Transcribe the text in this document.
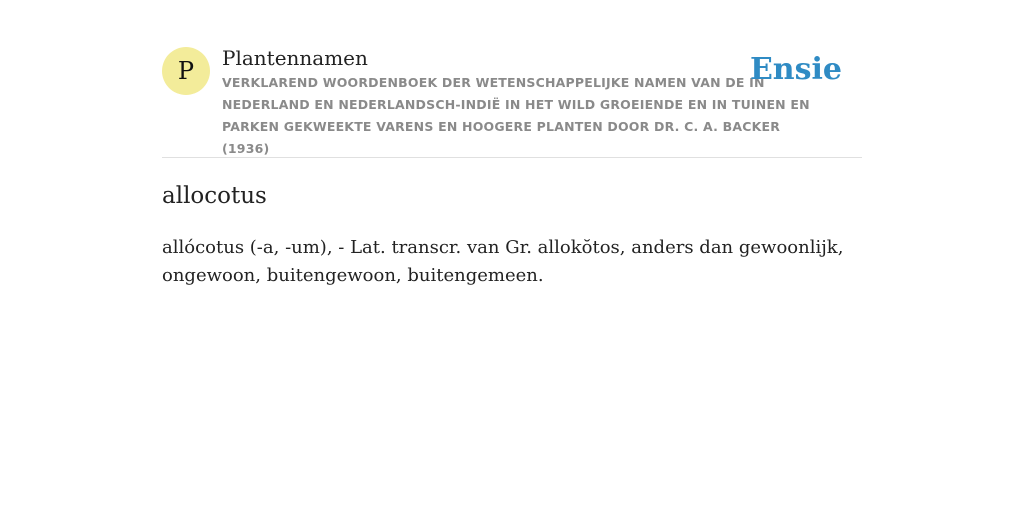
P	Plantennamen
VERKLAREND WOORDENBOEK DER WETENSCHAPPELIJKE NAMEN VAN DE IN NEDERLAND EN NEDERLANDSCH-INDIË IN HET WILD GROEIENDE EN IN TUINEN EN PARKEN GEKWEEKTE VARENS EN HOOGERE PLANTEN DOOR DR. C. A. BACKER (1936)
Ensie
allocotus

allócotus (-a, -um), - Lat. transcr. van Gr. allokŏtos, anders dan gewoonlijk, ongewoon, buitengewoon, buitengemeen.
